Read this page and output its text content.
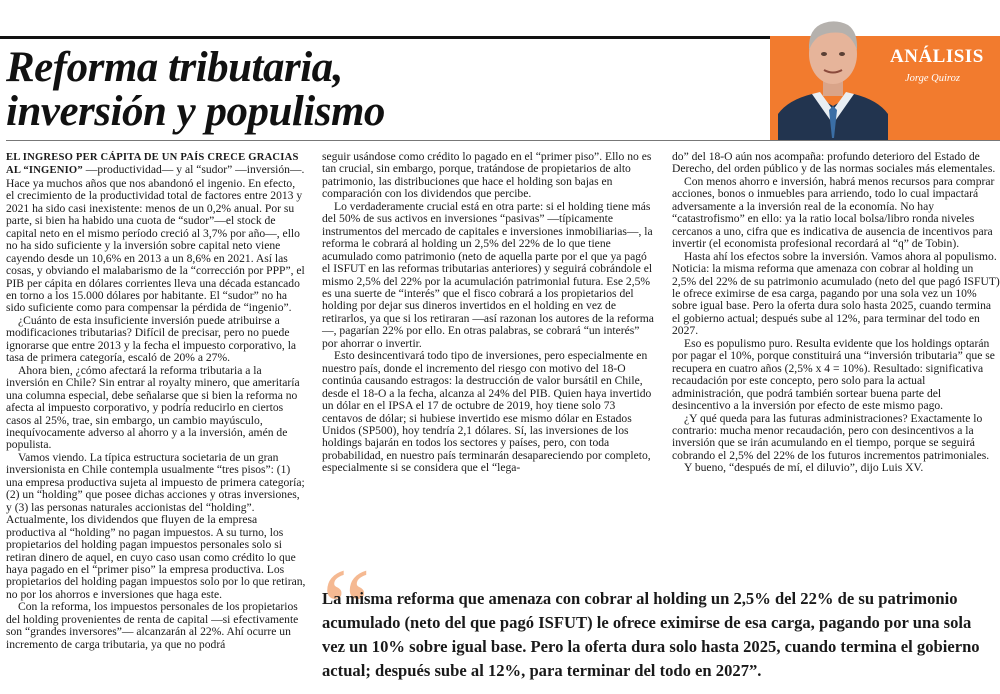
Reforma tributaria,
inversión y populismo
ANÁLISIS
Jorge Quiroz

EL INGRESO PER CÁPITA DE UN PAÍS CRECE GRACIAS AL “INGENIO” —productividad— y al “sudor” —inversión—. Hace ya muchos años que nos abandonó el ingenio. En efecto, el crecimiento de la productividad total de factores entre 2013 y 2021 ha sido casi inexistente: menos de un 0,2% anual. Por su parte, si bien ha habido una cuota de “sudor”—el stock de capital neto en el mismo período creció al 3,7% por año—, ello no ha sido suficiente y la inversión sobre capital neto viene cayendo desde un 10,6% en 2013 a un 8,6% en 2021. Así las cosas, y obviando el malabarismo de la “corrección por PPP”, el PIB per cápita en dólares corrientes lleva una década estancado en torno a los 15.000 dólares por habitante. El “sudor” no ha sido suficiente como para compensar la pérdida de “ingenio”.

¿Cuánto de esta insuficiente inversión puede atribuirse a modificaciones tributarias? Difícil de precisar, pero no puede ignorarse que entre 2013 y la fecha el impuesto corporativo, la tasa de primera categoría, escaló de 20% a 27%.

Ahora bien, ¿cómo afectará la reforma tributaria a la inversión en Chile? Sin entrar al royalty minero, que ameritaría una columna especial, debe señalarse que si bien la reforma no afecta al impuesto corporativo, y podría reducirlo en ciertos casos al 25%, trae, sin embargo, un cambio mayúsculo, inequívocamente adverso al ahorro y a la inversión, amén de populista.

Vamos viendo. La típica estructura societaria de un gran inversionista en Chile contempla usualmente “tres pisos”: (1) una empresa productiva sujeta al impuesto de primera categoría; (2) un “holding” que posee dichas acciones y otras inversiones, y (3) las personas naturales accionistas del “holding”. Actualmente, los dividendos que fluyen de la empresa productiva al “holding” no pagan impuestos. A su turno, los propietarios del holding pagan impuestos personales solo si retiran dinero de aquel, en cuyo caso usan como crédito lo que haya pagado en el “primer piso” la empresa productiva. Los propietarios del holding pagan impuestos solo por lo que retiran, no por los ahorros e inversiones que haga este.

Con la reforma, los impuestos personales de los propietarios del holding provenientes de renta de capital —si efectivamente son “grandes inversores”— alcanzarán al 22%. Ahí ocurre un incremento de carga tributaria, ya que no podrá

seguir usándose como crédito lo pagado en el “primer piso”. Ello no es tan crucial, sin embargo, porque, tratándose de propietarios de alto patrimonio, las distribuciones que hace el holding son bajas en comparación con los dividendos que percibe.

Lo verdaderamente crucial está en otra parte: si el holding tiene más del 50% de sus activos en inversiones “pasivas” —típicamente instrumentos del mercado de capitales e inversiones inmobiliarias—, la reforma le cobrará al holding un 2,5% del 22% de lo que tiene acumulado como patrimonio (neto de aquella parte por el que ya pagó el ISFUT en las reformas tributarias anteriores) y seguirá cobrándole el mismo 2,5% del 22% por la acumulación patrimonial futura. Ese 2,5% es una suerte de “interés” que el fisco cobrará a los propietarios del holding por dejar sus dineros invertidos en el holding en vez de retirarlos, ya que si los retiraran —así razonan los autores de la reforma—, pagarían 22% por ello. En otras palabras, se cobrará “un interés” por ahorrar o invertir.

Esto desincentivará todo tipo de inversiones, pero especialmente en nuestro país, donde el incremento del riesgo con motivo del 18-O continúa causando estragos: la destrucción de valor bursátil en Chile, desde el 18-O a la fecha, alcanza al 24% del PIB. Quien haya invertido un dólar en el IPSA el 17 de octubre de 2019, hoy tiene solo 73 centavos de dólar; si hubiese invertido ese mismo dólar en Estados Unidos (SP500), hoy tendría 2,1 dólares. Sí, las inversiones de los holdings bajarán en todos los sectores y países, pero, con toda probabilidad, en nuestro país terminarán desapareciendo por completo, especialmente si se considera que el “lega-

do” del 18-O aún nos acompaña: profundo deterioro del Estado de Derecho, del orden público y de las normas sociales más elementales.

Con menos ahorro e inversión, habrá menos recursos para comprar acciones, bonos o inmuebles para arriendo, todo lo cual impactará adversamente a la inversión real de la economía. No hay “catastrofismo” en ello: ya la ratio local bolsa/libro ronda niveles cercanos a uno, cifra que es indicativa de ausencia de incentivos para invertir (el economista profesional recordará al “q” de Tobin).

Hasta ahí los efectos sobre la inversión. Vamos ahora al populismo. Noticia: la misma reforma que amenaza con cobrar al holding un 2,5% del 22% de su patrimonio acumulado (neto del que pagó ISFUT) le ofrece eximirse de esa carga, pagando por una sola vez un 10% sobre igual base. Pero la oferta dura solo hasta 2025, cuando termina el gobierno actual; después sube al 12%, para terminar del todo en 2027.

Eso es populismo puro. Resulta evidente que los holdings optarán por pagar el 10%, porque constituirá una “inversión tributaria” que se recupera en cuatro años (2,5% x 4 = 10%). Resultado: significativa recaudación por este concepto, pero solo para la actual administración, que podrá también sortear buena parte del desincentivo a la inversión por efecto de este mismo pago.

¿Y qué queda para las futuras administraciones? Exactamente lo contrario: mucha menor recaudación, pero con desincentivos a la inversión que se irán acumulando en el tiempo, porque se seguirá cobrando el 2,5% del 22% de los futuros incrementos patrimoniales.

Y bueno, “después de mí, el diluvio”, dijo Luis XV.

“

La misma reforma que amenaza con cobrar al holding un 2,5% del 22% de su patrimonio acumulado (neto del que pagó ISFUT) le ofrece eximirse de esa carga, pagando por una sola vez un 10% sobre igual base. Pero la oferta dura solo hasta 2025, cuando termina el gobierno actual; después sube al 12%, para terminar del todo en 2027”.
